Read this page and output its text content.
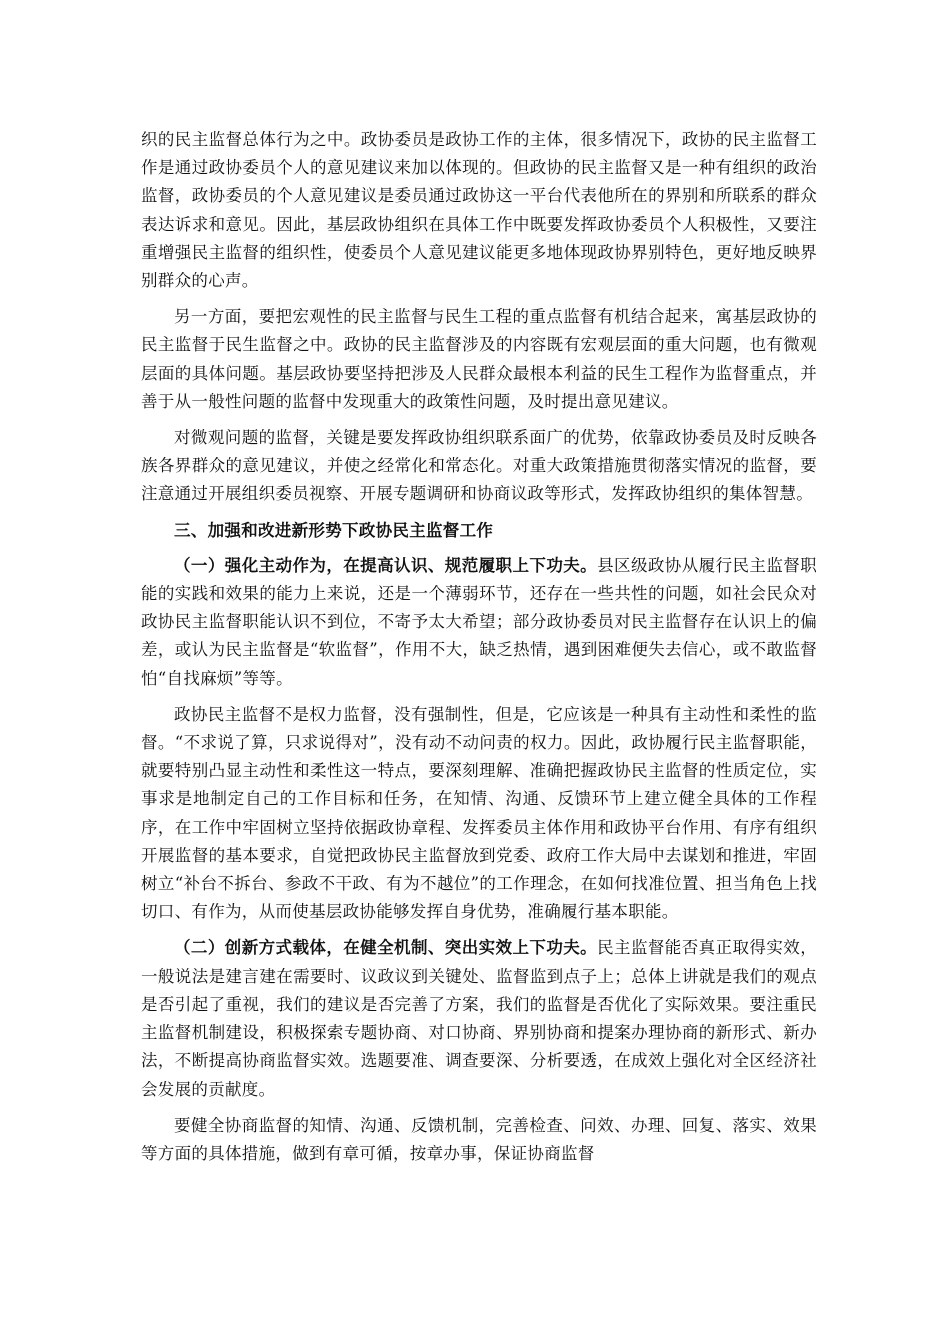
织的民主监督总体行为之中。政协委员是政协工作的主体，很多情况下，政协的民主监督工作是通过政协委员个人的意见建议来加以体现的。但政协的民主监督又是一种有组织的政治监督，政协委员的个人意见建议是委员通过政协这一平台代表他所在的界别和所联系的群众表达诉求和意见。因此，基层政协组织在具体工作中既要发挥政协委员个人积极性，又要注重增强民主监督的组织性，使委员个人意见建议能更多地体现政协界别特色，更好地反映界别群众的心声。

另一方面，要把宏观性的民主监督与民生工程的重点监督有机结合起来，寓基层政协的民主监督于民生监督之中。政协的民主监督涉及的内容既有宏观层面的重大问题，也有微观层面的具体问题。基层政协要坚持把涉及人民群众最根本利益的民生工程作为监督重点，并善于从一般性问题的监督中发现重大的政策性问题，及时提出意见建议。

对微观问题的监督，关键是要发挥政协组织联系面广的优势，依靠政协委员及时反映各族各界群众的意见建议，并使之经常化和常态化。对重大政策措施贯彻落实情况的监督，要注意通过开展组织委员视察、开展专题调研和协商议政等形式，发挥政协组织的集体智慧。

三、加强和改进新形势下政协民主监督工作

（一）强化主动作为，在提高认识、规范履职上下功夫。县区级政协从履行民主监督职能的实践和效果的能力上来说，还是一个薄弱环节，还存在一些共性的问题，如社会民众对政协民主监督职能认识不到位，不寄予太大希望；部分政协委员对民主监督存在认识上的偏差，或认为民主监督是“软监督”，作用不大，缺乏热情，遇到困难便失去信心，或不敢监督怕“自找麻烦”等等。

政协民主监督不是权力监督，没有强制性，但是，它应该是一种具有主动性和柔性的监督。“不求说了算，只求说得对”，没有动不动问责的权力。因此，政协履行民主监督职能，就要特别凸显主动性和柔性这一特点，要深刻理解、准确把握政协民主监督的性质定位，实事求是地制定自己的工作目标和任务，在知情、沟通、反馈环节上建立健全具体的工作程序，在工作中牢固树立坚持依据政协章程、发挥委员主体作用和政协平台作用、有序有组织开展监督的基本要求，自觉把政协民主监督放到党委、政府工作大局中去谋划和推进，牢固树立“补台不拆台、参政不干政、有为不越位”的工作理念，在如何找准位置、担当角色上找切口、有作为，从而使基层政协能够发挥自身优势，准确履行基本职能。

（二）创新方式载体，在健全机制、突出实效上下功夫。民主监督能否真正取得实效，一般说法是建言建在需要时、议政议到关键处、监督监到点子上；总体上讲就是我们的观点是否引起了重视，我们的建议是否完善了方案，我们的监督是否优化了实际效果。要注重民主监督机制建设，积极探索专题协商、对口协商、界别协商和提案办理协商的新形式、新办法，不断提高协商监督实效。选题要准、调查要深、分析要透，在成效上强化对全区经济社会发展的贡献度。

要健全协商监督的知情、沟通、反馈机制，完善检查、问效、办理、回复、落实、效果等方面的具体措施，做到有章可循，按章办事，保证协商监督
